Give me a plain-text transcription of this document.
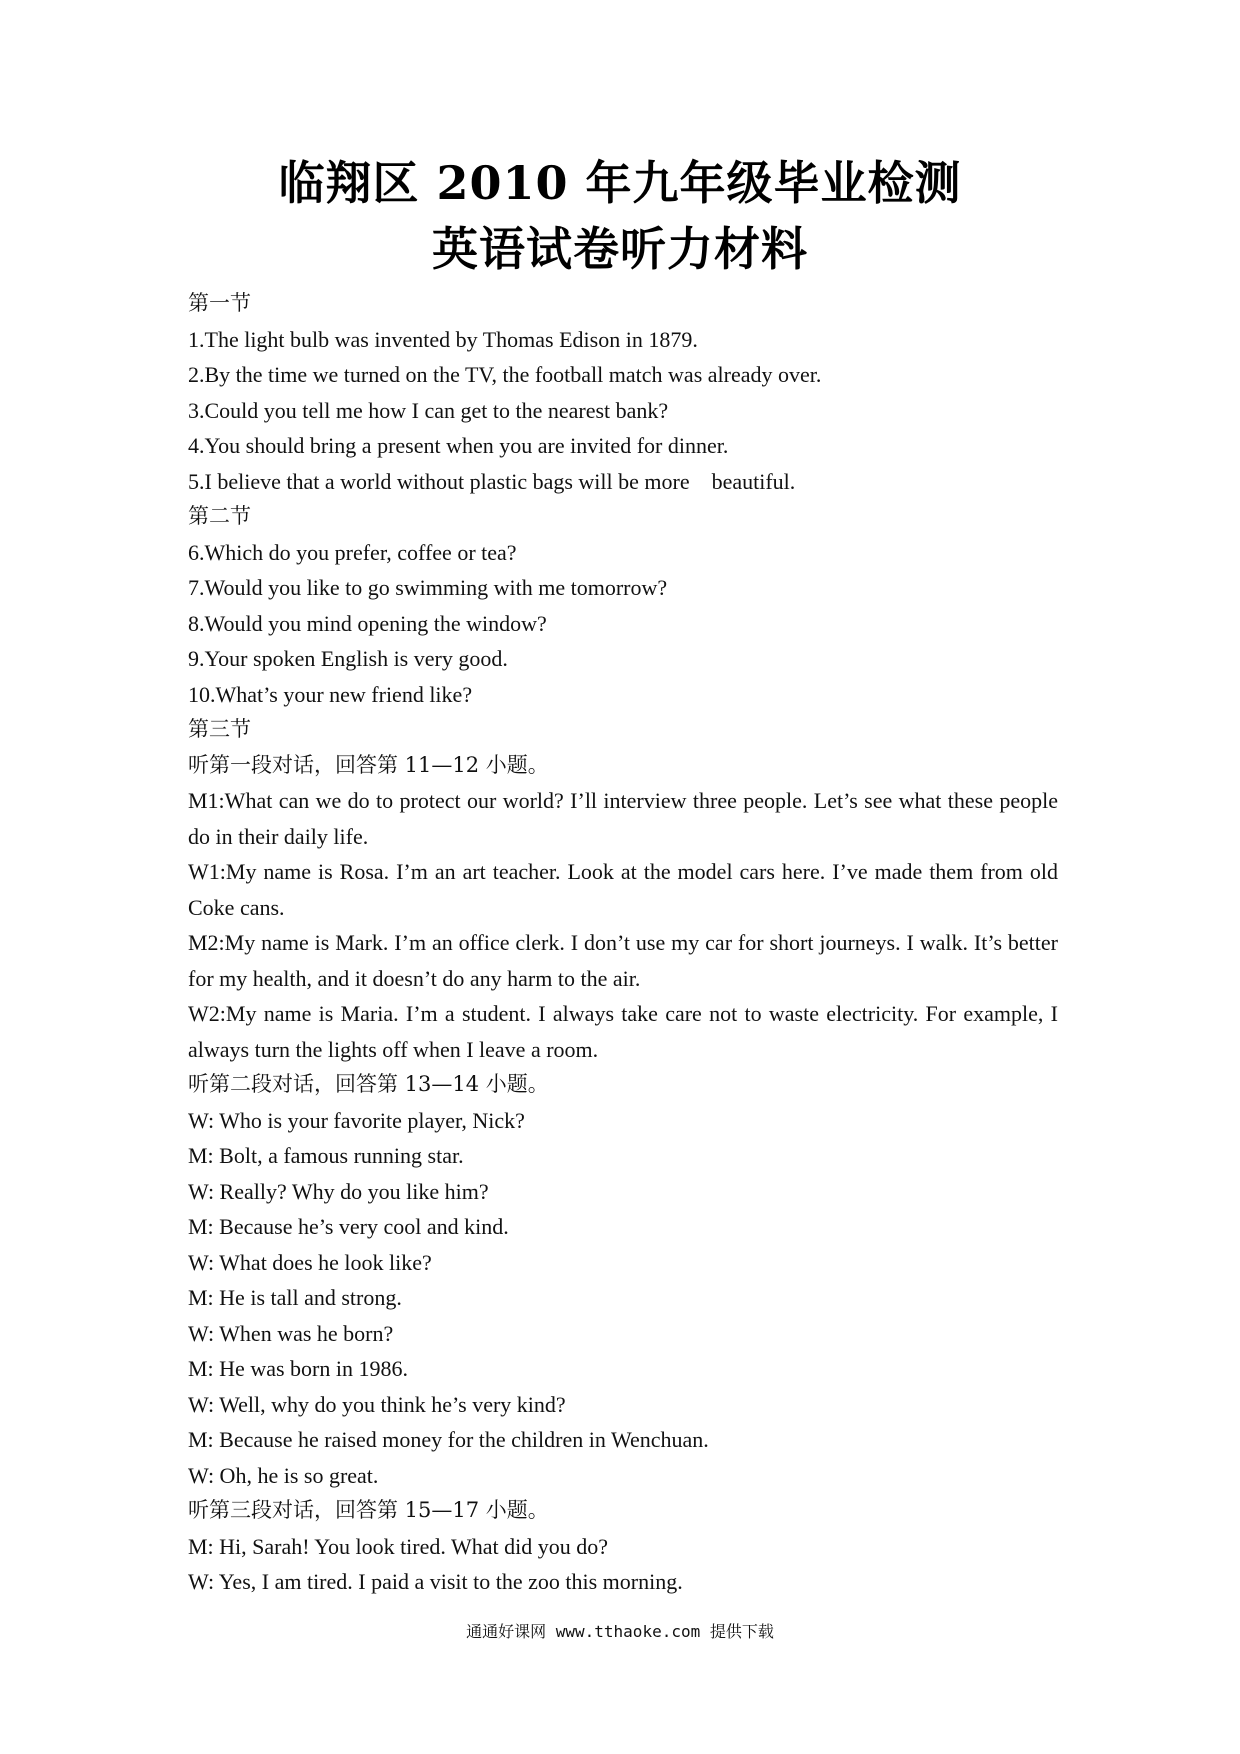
临翔区 2010 年九年级毕业检测
英语试卷听力材料
第一节
1.The light bulb was invented by Thomas Edison in 1879.
2.By the time we turned on the TV, the football match was already over.
3.Could you tell me how I can get to the nearest bank?
4.You should bring a present when you are invited for dinner.
5.I believe that a world without plastic bags will be more    beautiful.
第二节
6.Which do you prefer, coffee or tea?
7.Would you like to go swimming with me tomorrow?
8.Would you mind opening the window?
9.Your spoken English is very good.
10.What’s your new friend like?
第三节
听第一段对话，回答第 11—12 小题。
M1:What can we do to protect our world? I’ll interview three people. Let’s see what these people do in their daily life.
W1:My name is Rosa. I’m an art teacher. Look at the model cars here. I’ve made them from old Coke cans.
M2:My name is Mark. I’m an office clerk. I don’t use my car for short journeys. I walk. It’s better for my health, and it doesn’t do any harm to the air.
W2:My name is Maria. I’m a student. I always take care not to waste electricity. For example, I always turn the lights off when I leave a room.
听第二段对话，回答第 13—14 小题。
W: Who is your favorite player, Nick?
M: Bolt, a famous running star.
W: Really? Why do you like him?
M: Because he’s very cool and kind.
W: What does he look like?
M: He is tall and strong.
W: When was he born?
M: He was born in 1986.
W: Well, why do you think he’s very kind?
M: Because he raised money for the children in Wenchuan.
W: Oh, he is so great.
听第三段对话，回答第 15—17 小题。
M: Hi, Sarah! You look tired. What did you do?
W: Yes, I am tired. I paid a visit to the zoo this morning.
通通好课网 www.tthaoke.com 提供下载
